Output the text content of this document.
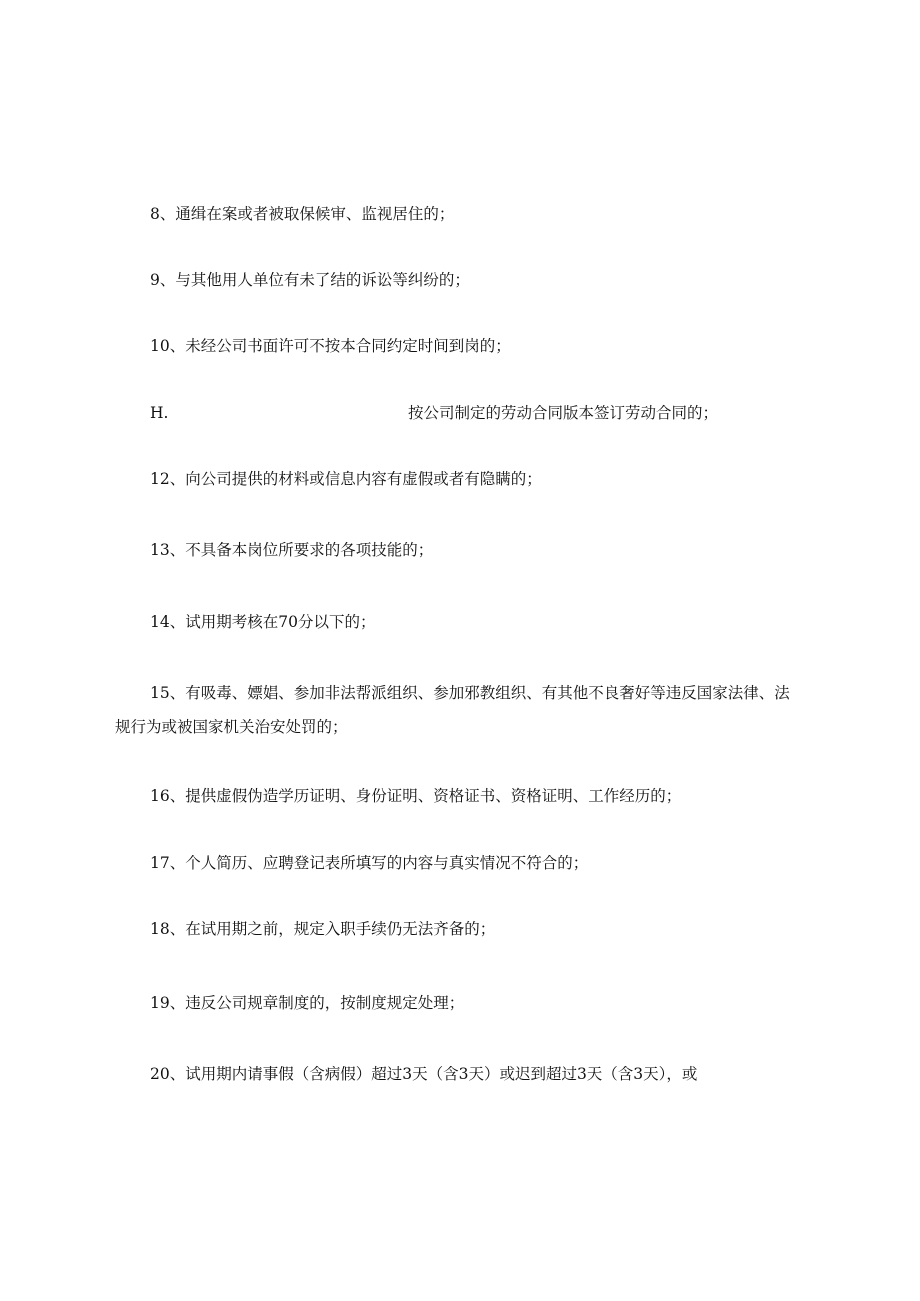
8、通缉在案或者被取保候审、监视居住的；
9、与其他用人单位有未了结的诉讼等纠纷的；
10、未经公司书面许可不按本合同约定时间到岗的；
H.	按公司制定的劳动合同版本签订劳动合同的；
12、向公司提供的材料或信息内容有虚假或者有隐瞒的；
13、不具备本岗位所要求的各项技能的；
14、试用期考核在70分以下的；
15、有吸毒、嫖娼、参加非法帮派组织、参加邪教组织、有其他不良奢好等违反国家法律、法规行为或被国家机关治安处罚的；
16、提供虚假伪造学历证明、身份证明、资格证书、资格证明、工作经历的；
17、个人简历、应聘登记表所填写的内容与真实情况不符合的；
18、在试用期之前，规定入职手续仍无法齐备的；
19、违反公司规章制度的，按制度规定处理；
20、试用期内请事假（含病假）超过3天（含3天）或迟到超过3天（含3天），或
